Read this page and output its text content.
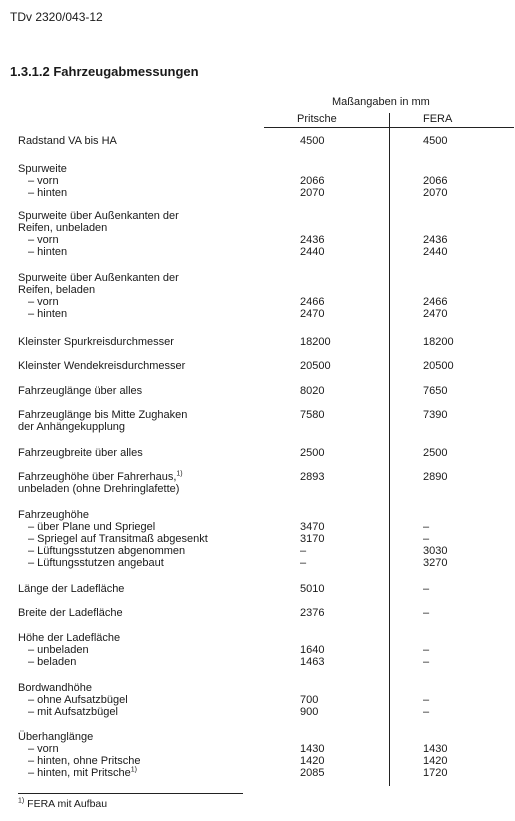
TDv 2320/043-12
1.3.1.2 Fahrzeugabmessungen
Maßangaben in mm
Pritsche	FERA
Radstand VA bis HA	4500	4500
Spurweite
– vorn	2066	2066
– hinten	2070	2070
Spurweite über Außenkanten der
Reifen, unbeladen
– vorn	2436	2436
– hinten	2440	2440
Spurweite über Außenkanten der
Reifen, beladen
– vorn	2466	2466
– hinten	2470	2470
Kleinster Spurkreisdurchmesser	18200	18200
Kleinster Wendekreisdurchmesser	20500	20500
Fahrzeuglänge über alles	8020	7650
Fahrzeuglänge bis Mitte Zughaken	7580	7390
der Anhängekupplung
Fahrzeugbreite über alles	2500	2500
Fahrzeughöhe über Fahrerhaus,$^{1)}$	2893	2890
unbeladen (ohne Drehringlafette)
Fahrzeughöhe
– über Plane und Spriegel	3470	–
– Spriegel auf Transitmaß abgesenkt	3170	–
– Lüftungsstutzen abgenommen	–	3030
– Lüftungsstutzen angebaut	–	3270
Länge der Ladefläche	5010	–
Breite der Ladefläche	2376	–
Höhe der Ladefläche
– unbeladen	1640	–
– beladen	1463	–
Bordwandhöhe
– ohne Aufsatzbügel	700	–
– mit Aufsatzbügel	900	–
Überhanglänge
– vorn	1430	1430
– hinten, ohne Pritsche	1420	1420
– hinten, mit Pritsche$^{1)}$	2085	1720
$^{1)}$ FERA mit Aufbau
